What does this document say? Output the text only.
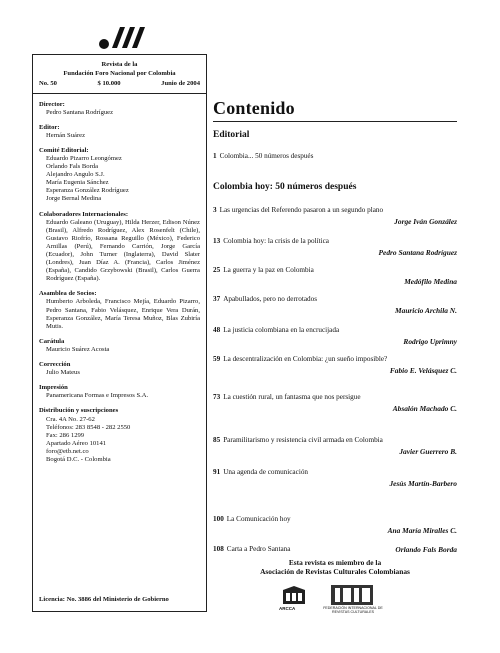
Revista de la
Fundación Foro Nacional por Colombia
No. 50	$ 10.000	Junio de 2004
Director:
Pedro Santana Rodríguez
Editor:
Hernán Suárez
Comité Editorial:
Eduardo Pizarro Leongómez
Orlando Fals Borda
Alejandro Angulo S.J.
María Eugenia Sánchez
Esperanza González Rodríguez
Jorge Bernal Medina
Colaboradores Internacionales:
Eduardo Galeano (Uruguay), Hilda Herzer, Edison Núnez (Brasil), Alfredo Rodríguez, Alex Rosenfelt (Chile), Gustavo Riofrío, Rossana Reguillo (México), Federico Arnillas (Perú), Fernando Carrión, Jorge García (Ecuador), John Turner (Inglaterra), David Slater (Londres), Juan Díaz A. (Francia), Carlos Jiménez (España), Candido Grzybowski (Brasil), Carlos Guerra Rodríguez (España).
Asamblea de Socios:
Humberto Arboleda, Francisco Mejía, Eduardo Pizarro, Pedro Santana, Fabio Velásquez, Enrique Vera Durán, Esperanza González, María Teresa Muñoz, Blas Zubiría Mutis.
Carátula
Mauricio Suárez Acosta
Corrección
Julio Mateus
Impresión
Panamericana Formas e Impresos S.A.
Distribución y suscripciones
Cra. 4A No. 27-62
Teléfonos: 283 8548 - 282 2550
Fax: 286 1299
Apartado Aéreo 10141
foro@etb.net.co
Bogotá D.C. - Colombia
Licencia: No. 3886 del Ministerio de Gobierno
Contenido
Editorial
Colombia hoy: 50 números después
1 Colombia... 50 números después
3 Las urgencias del Referendo pasaron a un segundo plano
Jorge Iván González
13 Colombia hoy: la crisis de la política
Pedro Santana Rodríguez
25 La guerra y la paz en Colombia
Medófilo Medina
37 Apabullados, pero no derrotados
Mauricio Archila N.
48 La justicia colombiana en la encrucijada
Rodrigo Uprimny
59 La descentralización en Colombia: ¿un sueño imposible?
Fabio E. Velásquez C.
73 La cuestión rural, un fantasma que nos persigue
Absalón Machado C.
85 Paramilitarismo y resistencia civil armada en Colombia
Javier Guerrero B.
91 Una agenda de comunicación
Jesús Martín-Barbero
100 La Comunicación hoy
Ana María Miralles C.
108 Carta a Pedro Santana	Orlando Fals Borda
Esta revista es miembro de la
Asociación de Revistas Culturales Colombianas
ARCCA	FEDERACIÓN INTERNACIONAL DE REVISTAS CULTURALES
